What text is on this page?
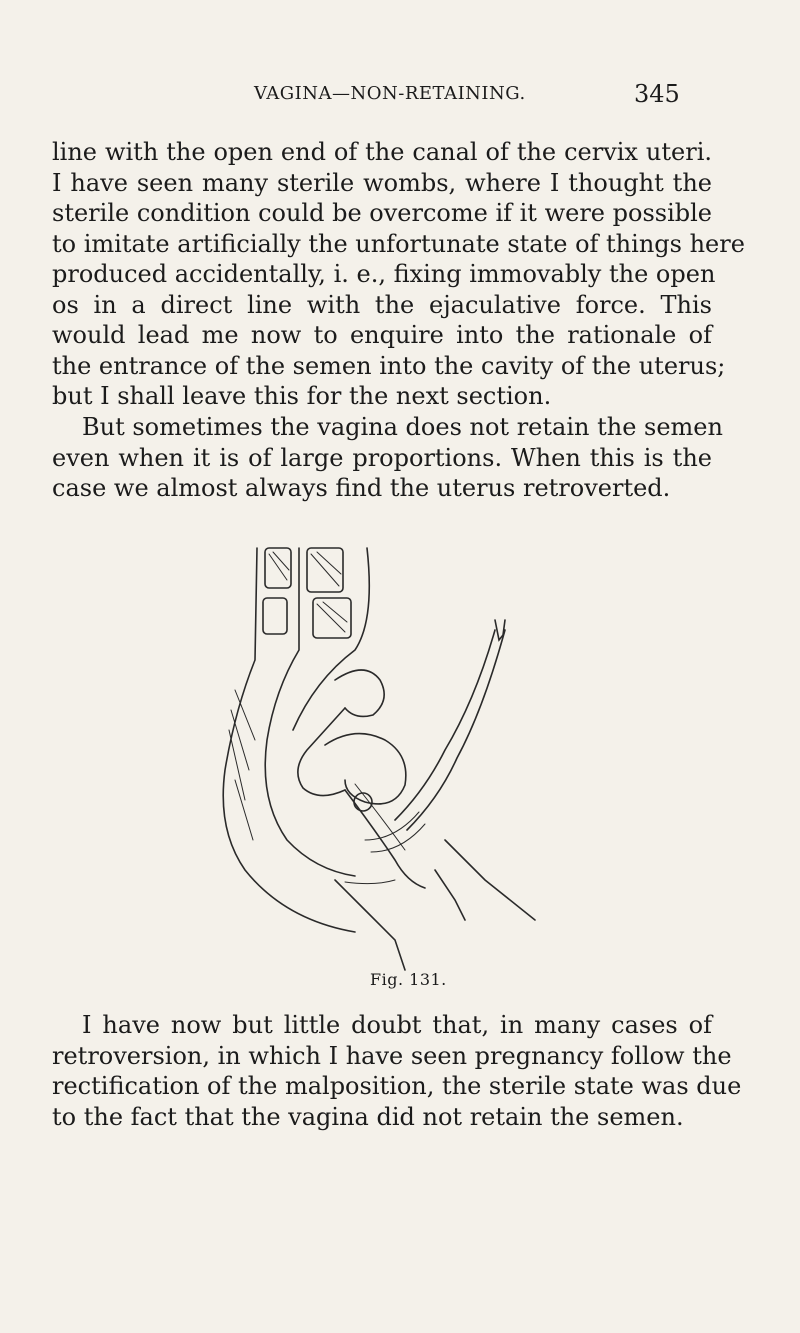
VAGINA—NON-RETAINING.	345
line with the open end of the canal of the cervix uteri.
I have seen many sterile wombs, where I thought the
sterile condition could be overcome if it were possible
to imitate artificially the unfortunate state of things here
produced accidentally, i. e., fixing immovably the open
os in a direct line with the ejaculative force. This
would lead me now to enquire into the rationale of
the entrance of the semen into the cavity of the uterus;
but I shall leave this for the next section.
But sometimes the vagina does not retain the semen
even when it is of large proportions. When this is the
case we almost always find the uterus retroverted.
Fig. 131.
I have now but little doubt that, in many cases of
retroversion, in which I have seen pregnancy follow the
rectification of the malposition, the sterile state was due
to the fact that the vagina did not retain the semen.
